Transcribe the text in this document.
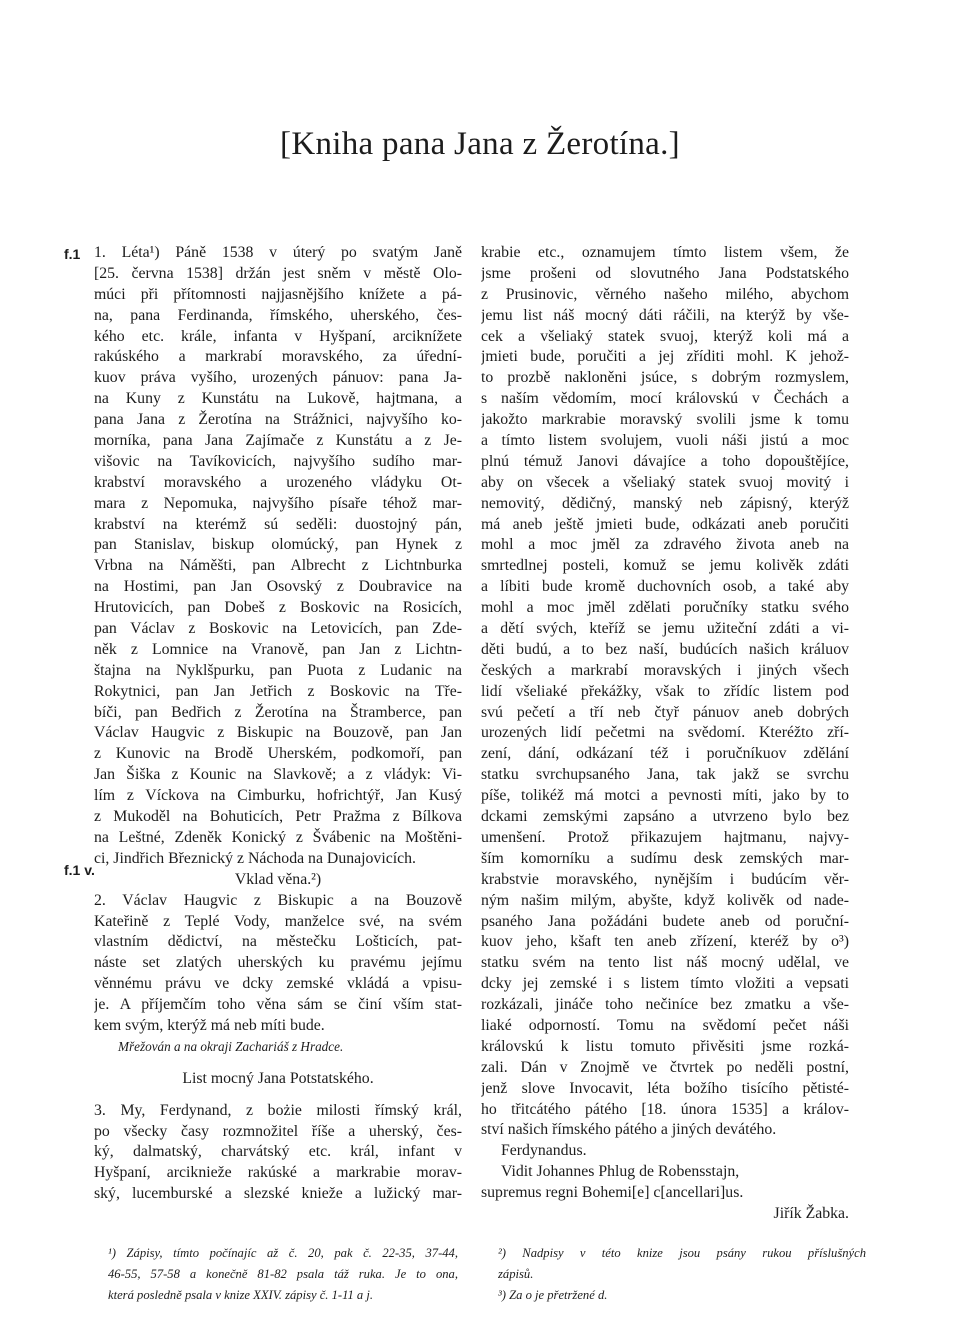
[Kniha pana Jana z Žerotína.]
f.1
f.1 v.
1. Léta¹) Páně 1538 v úterý po svatým Janě
[25. června 1538] držán jest sněm v městě Olo-
múci při přítomnosti najjasnějšího knížete a pá-
na, pana Ferdinanda, římského, uherského, čes-
kého etc. krále, infanta v Hyšpaní, arciknížete
rakúského a markrabí moravského, za úřední-
kuov práva vyšího, urozených pánuov: pana Ja-
na Kuny z Kunstátu na Lukově, hajtmana, a
pana Jana z Žerotína na Strážnici, najvyšího ko-
morníka, pana Jana Zajímače z Kunstátu a z Je-
višovic na Tavíkovicích, najvyšího sudího mar-
krabství moravského a urozeného vládyku Ot-
mara z Nepomuka, najvyšího písaře téhož mar-
krabství na kterémž sú seděli: duostojný pán,
pan Stanislav, biskup olomúcký, pan Hynek z
Vrbna na Náměšti, pan Albrecht z Lichtnburka
na Hostimi, pan Jan Osovský z Doubravice na
Hrutovicích, pan Dobeš z Boskovic na Rosicích,
pan Václav z Boskovic na Letovicích, pan Zde-
něk z Lomnice na Vranově, pan Jan z Lichtn-
štajna na Nyklšpurku, pan Puota z Ludanic na
Rokytnici, pan Jan Jetřich z Boskovic na Tře-
bíči, pan Bedřich z Žerotína na Štramberce, pan
Václav Haugvic z Biskupic na Bouzově, pan Jan
z Kunovic na Brodě Uherském, podkomoří, pan
Jan Šiška z Kounic na Slavkově; a z vládyk: Vi-
lím z Víckova na Cimburku, hofrichtýř, Jan Kusý
z Mukoděl na Bohuticích, Petr Pražma z Bílkova
na Leštné, Zdeněk Konický z Švábenic na Moštěni-
ci, Jindřich Březnický z Náchoda na Dunajovicích.
Vklad věna.²)
2. Václav Haugvic z Biskupic a na Bouzově
Kateřině z Teplé Vody, manželce své, na svém
vlastním dědictví, na městečku Lošticích, pat-
náste set zlatých uherských ku pravému jejímu
věnnému právu ve dcky zemské vkládá a vpisu-
je. A příjemčím toho věna sám se činí vším stat-
kem svým, kterýž má neb míti bude.
Mřežován a na okraji Zachariáš z Hradce.
List mocný Jana Potstatského.
3. My, Ferdynand, z bożie milosti římský král,
po všecky časy rozmnožitel říše a uherský, čes-
ký, dalmatský, charvátský etc. král, infant v
Hyšpaní, arciknieže rakúské a markrabie morav-
ský, lucemburské a slezské knieže a lužický mar-
krabie etc., oznamujem tímto listem všem, že
jsme prošeni od slovutného Jana Podstatského
z Prusinovic, věrného našeho milého, abychom
jemu list náš mocný dáti ráčili, na kterýž by vše-
cek a všeliaký statek svuoj, kterýž koli má a
jmieti bude, poručiti a jej zříditi mohl. K jehož-
to prozbě nakloněni jsúce, s dobrým rozmyslem,
s naším vědomím, mocí královskú v Čechách a
jakožto markrabie moravský svolili jsme k tomu
a tímto listem svolujem, vuoli náši jistú a moc
plnú témuž Janovi dávajíce a toho dopouštějíce,
aby on všecek a všeliaký statek svuoj movitý i
nemovitý, dědičný, manský neb zápisný, kterýž
má aneb ještě jmieti bude, odkázati aneb poručiti
mohl a moc jměl za zdravého života aneb na
smrtedlnej posteli, komuž se jemu kolivěk zdáti
a líbiti bude kromě duchovních osob, a také aby
mohl a moc jměl zdělati poručníky statku svého
a dětí svých, kteříž se jemu užiteční zdáti a vi-
děti budú, a to bez naší, budúcích našich králuov
českých a markrabí moravských i jiných všech
lidí všeliaké překážky, však to zřídíc listem pod
svú pečetí a tří neb čtyř pánuov aneb dobrých
urozených lidí pečetmi na svědomí. Kteréžto zří-
zení, dání, odkázaní též i poručníkuov zdělání
statku svrchupsaného Jana, tak jakž se svrchu
píše, tolikéž má motci a pevnosti míti, jako by to
dckami zemskými zapsáno a utvrzeno bylo bez
umenšení. Protož přikazujem hajtmanu, najvy-
ším komorníku a sudímu desk zemských mar-
krabstvie moravského, nynějším i budúcím věr-
ným našim milým, abyšte, když kolivěk od nade-
psaného Jana požádáni budete aneb od poruční-
kuov jeho, kšaft ten aneb zřízení, kteréž by o³)
statku svém na tento list náš mocný udělal, ve
dcky jej zemské i s listem tímto vložiti a vepsati
rozkázali, jináče toho nečiníce bez zmatku a vše-
liaké odporností. Tomu na svědomí pečet náši
královskú k listu tomuto přivěsiti jsme rozká-
zali. Dán v Znojmě ve čtvrtek po neděli postní,
jenž slove Invocavit, léta božího tisícího pětisté-
ho třitcátého pátého [18. února 1535] a králov-
ství našich římského pátého a jiných devátého.
Ferdynandus.
Vidit Johannes Phlug de Robensstajn,
supremus regni Bohemi[e] c[ancellari]us.
Jiřík Žabka.
¹) Zápisy, tímto počínajíc až č. 20, pak č. 22-35, 37-44,
46-55, 57-58 a konečně 81-82 psala táž ruka. Je to ona,
která posledně psala v knize XXIV. zápisy č. 1-11 a j.
²) Nadpisy v této knize jsou psány rukou příslušných
zápisů.
³) Za o je přetržené d.
